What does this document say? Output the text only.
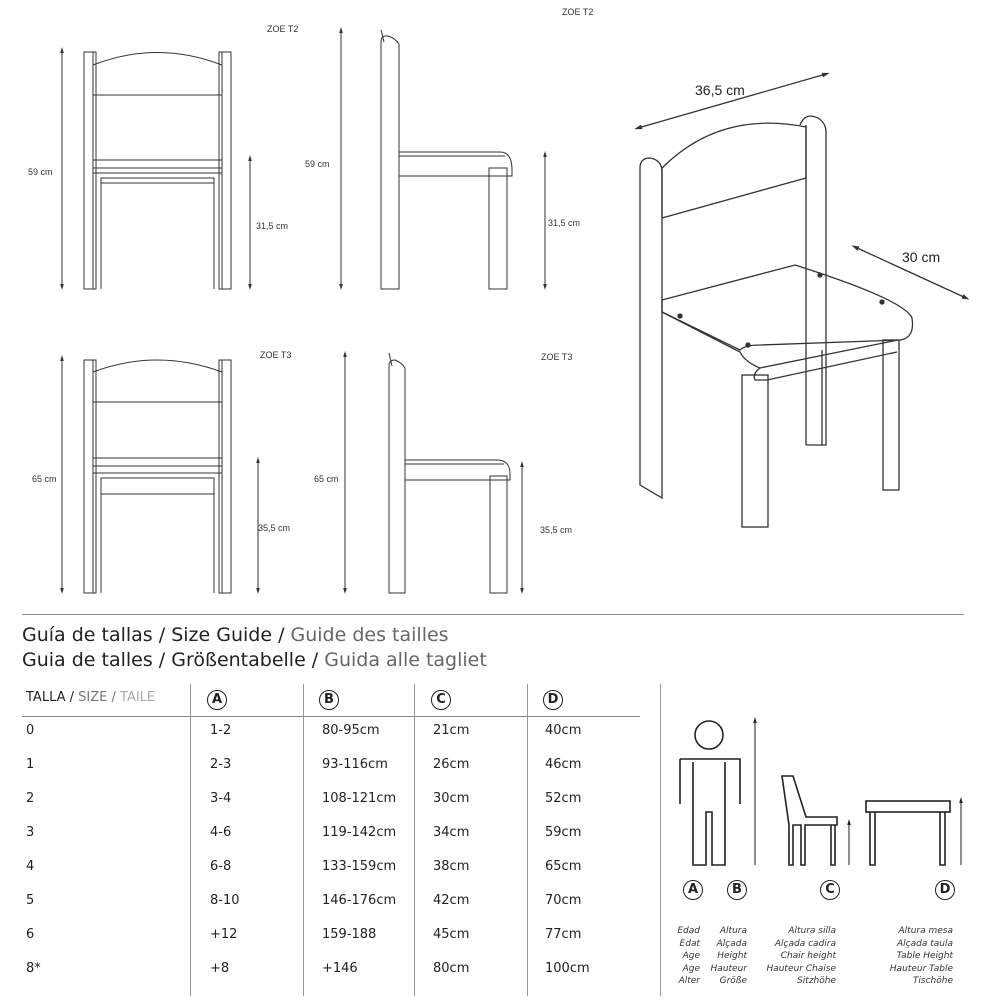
ZOE T2
ZOE T2
ZOE T3	ZOE T3
59 cm
31,5 cm
59 cm
31,5 cm
65 cm
35,5 cm
65 cm
35,5 cm
36,5 cm
30 cm
Guía de tallas / Size Guide / Guide des tailles
Guia de talles / Größentabelle / Guida alle tagliet
TALLA / SIZE / TAILE	A	B	C	D
0	1-2	80-95cm	21cm	40cm
1	2-3	93-116cm	26cm	46cm
2	3-4	108-121cm	30cm	52cm
3	4-6	119-142cm	34cm	59cm
4	6-8	133-159cm	38cm	65cm
5	8-10	146-176cm	42cm	70cm
6	+12	159-188	45cm	77cm
8*	+8	+146	80cm	100cm
A	B	C	D
Edad
Edat
Age
Age
Alter
Altura
Alçada
Height
Hauteur
Größe
Altura silla
Alçada cadira
Chair height
Hauteur Chaise
Sitzhöhe
Altura mesa
Alçada taula
Table Height
Hauteur Table
Tischöhe
